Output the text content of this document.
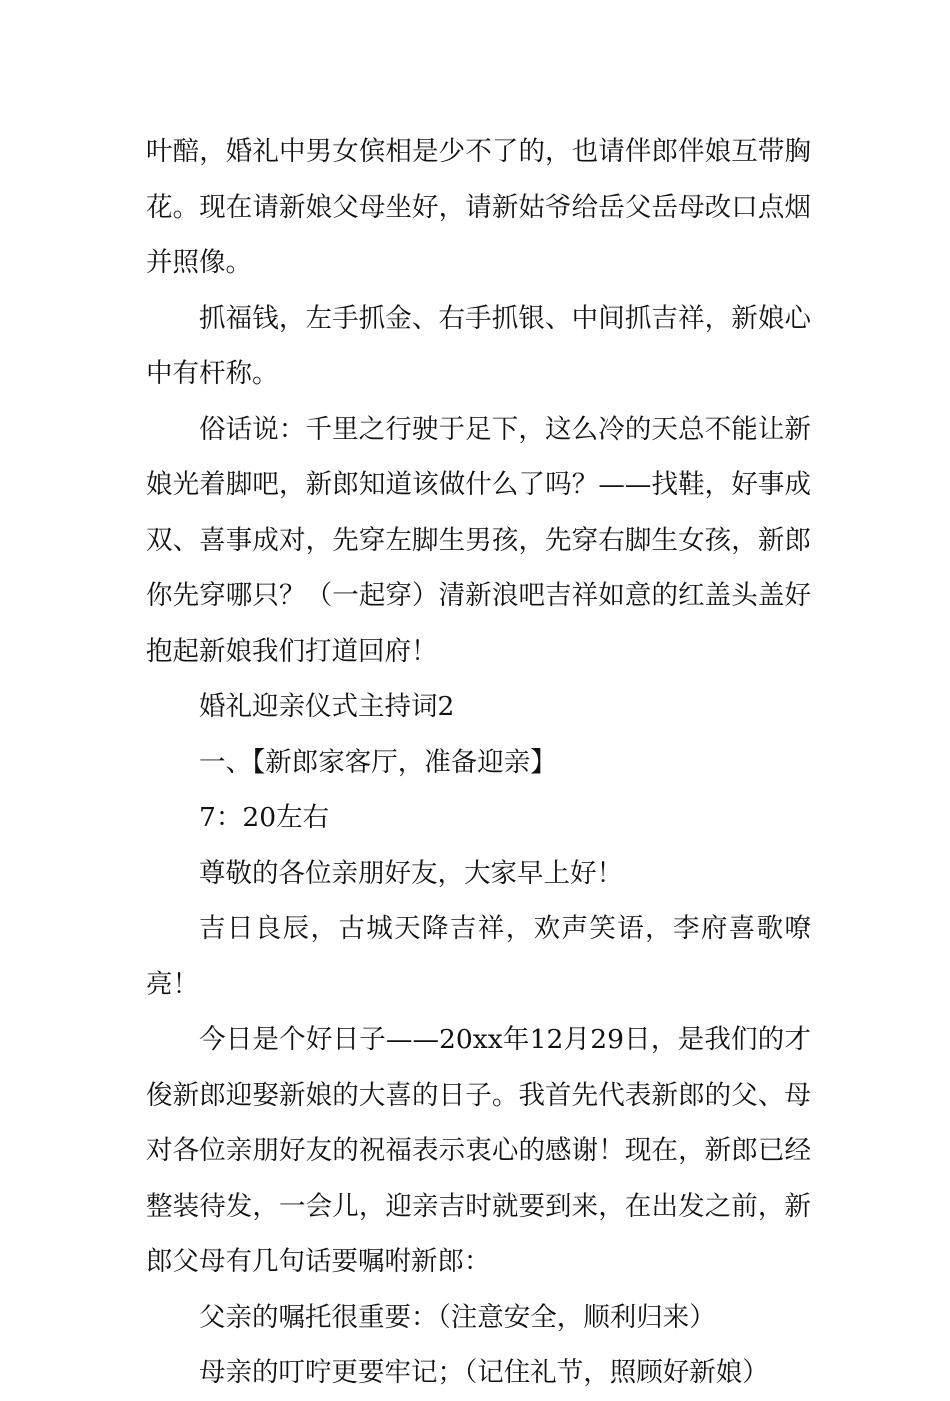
叶醅，婚礼中男女傧相是少不了的，也请伴郎伴娘互带胸花。现在请新娘父母坐好，请新姑爷给岳父岳母改口点烟并照像。

抓福钱，左手抓金、右手抓银、中间抓吉祥，新娘心中有杆称。

俗话说：千里之行驶于足下，这么冷的天总不能让新娘光着脚吧，新郎知道该做什么了吗？——找鞋，好事成双、喜事成对，先穿左脚生男孩，先穿右脚生女孩，新郎你先穿哪只？（一起穿）清新浪吧吉祥如意的红盖头盖好抱起新娘我们打道回府！

婚礼迎亲仪式主持词2

一、【新郎家客厅，准备迎亲】

7：20左右

尊敬的各位亲朋好友，大家早上好！

吉日良辰，古城天降吉祥，欢声笑语，李府喜歌嘹亮！

今日是个好日子——20xx年12月29日，是我们的才俊新郎迎娶新娘的大喜的日子。我首先代表新郎的父、母对各位亲朋好友的祝福表示衷心的感谢！现在，新郎已经整装待发，一会儿，迎亲吉时就要到来，在出发之前，新郎父母有几句话要嘱咐新郎：

父亲的嘱托很重要：（注意安全，顺利归来）

母亲的叮咛更要牢记；（记住礼节，照顾好新娘）
